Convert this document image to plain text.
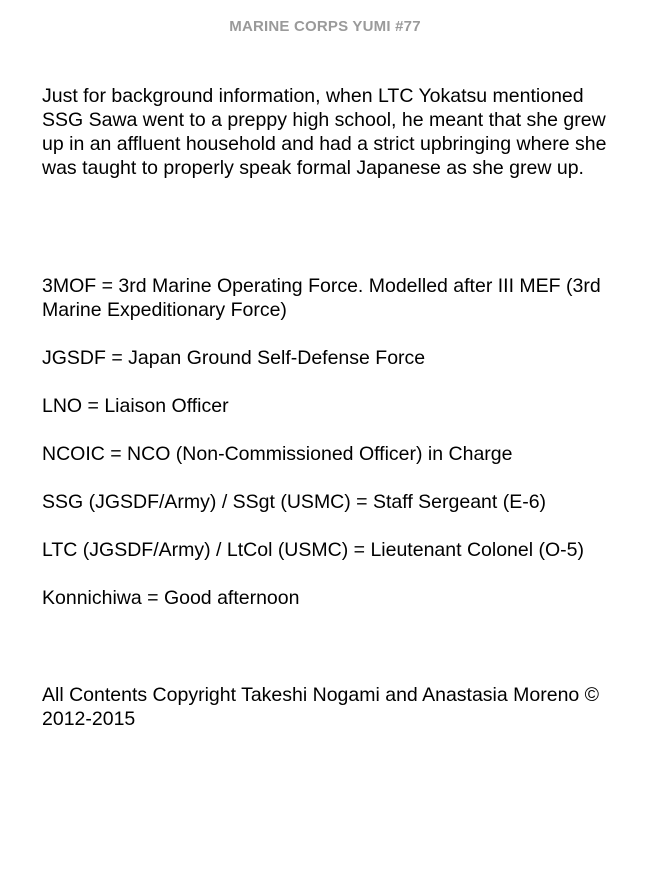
MARINE CORPS YUMI #77
Just for background information, when LTC Yokatsu mentioned SSG Sawa went to a preppy high school, he meant that she grew up in an affluent household and had a strict upbringing where she was taught to properly speak formal Japanese as she grew up.
3MOF = 3rd Marine Operating Force. Modelled after III MEF (3rd Marine Expeditionary Force)
JGSDF = Japan Ground Self-Defense Force
LNO = Liaison Officer
NCOIC = NCO (Non-Commissioned Officer) in Charge
SSG (JGSDF/Army) / SSgt (USMC) = Staff Sergeant (E-6)
LTC (JGSDF/Army) / LtCol (USMC) = Lieutenant Colonel (O-5)
Konnichiwa = Good afternoon
All Contents Copyright Takeshi Nogami and Anastasia Moreno © 2012-2015
